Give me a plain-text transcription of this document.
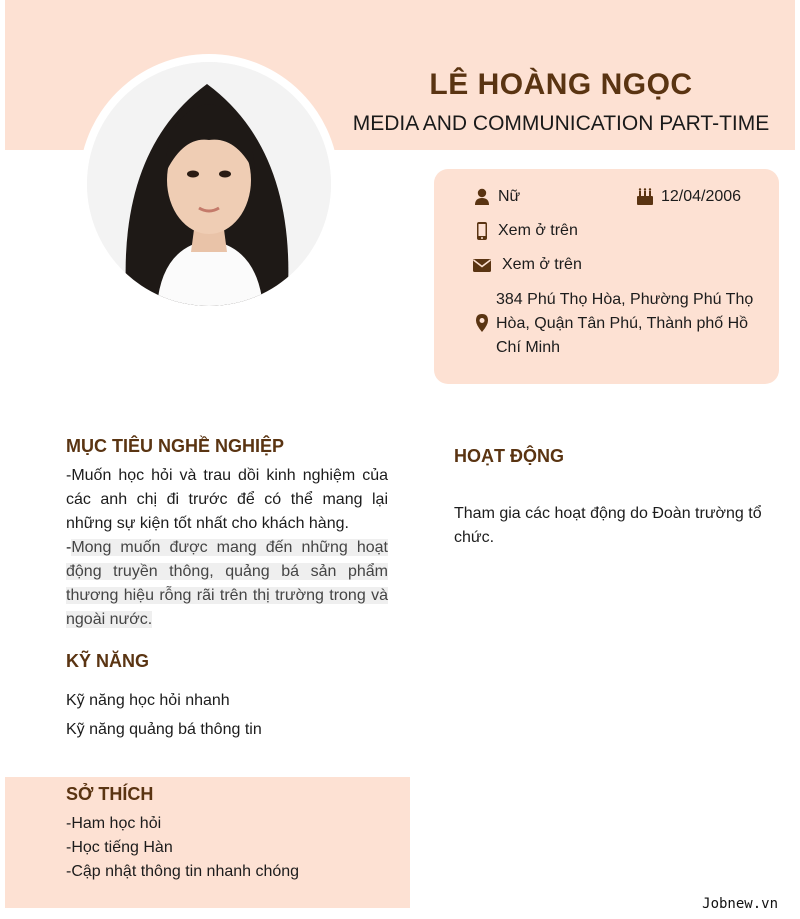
LÊ HOÀNG NGỌC
MEDIA AND COMMUNICATION PART-TIME
Nữ	12/04/2006
Xem ở trên
Xem ở trên
384 Phú Thọ Hòa, Phường Phú Thọ Hòa, Quận Tân Phú, Thành phố Hồ Chí Minh
MỤC TIÊU NGHỀ NGHIỆP
-Muốn học hỏi và trau dồi kinh nghiệm của các anh chị đi trước để có thể mang lại những sự kiện tốt nhất cho khách hàng.
-Mong muốn được mang đến những hoạt động truyền thông, quảng bá sản phẩm thương hiệu rỗng rãi trên thị trường trong và ngoài nước.
KỸ NĂNG
Kỹ năng học hỏi nhanh
Kỹ năng quảng bá thông tin
SỞ THÍCH
-Ham học hỏi
-Học tiếng Hàn
-Cập nhật thông tin nhanh chóng
HOẠT ĐỘNG
Tham gia các hoạt động do Đoàn trường tổ chức.
Jobnew.vn
